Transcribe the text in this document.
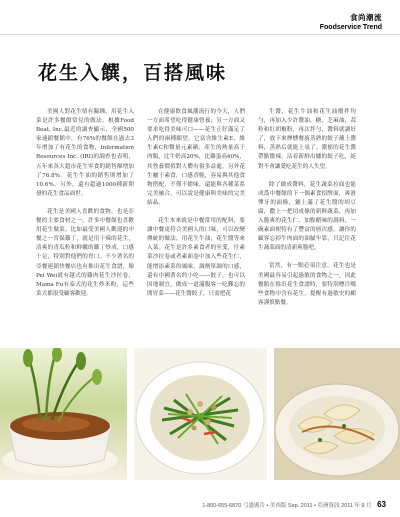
食尚潮流
Foodservice Trend
花生入饌，百搭風味

美國人對花生情有獨鍾，用花生入菜是許多餐館常見的做法。根據Food Beat, Inc.最近的調查顯示，全國500家連鎖餐館中，有76%的餐館在過去3年增加了有花生的食物，Information Resources Inc. (IRI)的調查也表明，五年來各大超市花生零食的銷售額增加了76.8%。花生牛油的銷售則增加了10.6%。另外，還有超過1000種新開發的花生食品面世。

花生是美國人喜歡的食物，也是亞餐的主要食材之一，許多中餐館也喜歡用花生做菜。比如最受美國人歡迎的中餐之一宮保雞丁，就是用干辣的花生，清爽的青瓜粒和鮮嫩的雞丁炒成，口感十足，特別對他們的胃口。不少著名的亞餐連鎖快餐店也有推出花生食譜，像Pei Wei就有越式的雞肉花生沙拉卷，Mama Fu有泰式的花生炒米粉，這些菜式都很受顧客歡迎。

在健康飲食風潮流行的今天，人們一方面希望吃得健康營養；另一方面又要求吃得美味可口——花生正好滿足了人們的兩種願望。它富含維生素E，維生素C和微量元素硒，產生的熱量高于肉類，比牛奶高20%，比雞蛋高40%，其營養價值對人體有很多益處。另外花生屬于素食，口感香脆，容易與其他食物搭配，不僅不搶味，還能與各種菜系完美融合，可以說是健康與美味的完美結晶。

花生本來就是中餐常用的配料，要讓中餐更符合美國人的口味，可以改變傳統的做法，用花生牛油，花生醬等來入菜。花生是許多素食者的至愛，往素菜沙拉卷或者素面卷中加入些花生仁，能增添素菜的風味，調劑單調的口感，還有中國著名的小吃——餃子，也可以因地制宜，做成一道滿腹客一吃難忘的開胃菜——花生醬餃子，只需把花

生醬，花生牛油和花生油攪拌均勻，再加入少許醬油，糖，芝麻油，蒜粒和紅胡椒粉，再次拌勻，醬料就調好了，放下來煙燻餐廚蒸熟的餃子蘸上醬料，蒸熟后就能上桌了。濃郁的花生醬帶點微辣，沾着新鮮出爐的餃子吃，絕對不會讓愛吃花生的人失望。

除了做成醬料，花生蔬菜拉面也能成爲中餐館的下一個素食招牌面，爽滑彈牙的面條，鋪上滿了花生醬的胡豆腐，撒上一把切成條的新鮮蔬菜，再加入脆爽的花生仁，加點醋味的調料，一碗素面便特有了豐富的層次感。讓你的顧客忘掉牛肉面的油膩牢靠，只記住花生蔬菜面的清新爽脆吧。

當然，有一點必須注意，花生也是美國最容易引起過敏的食物之一，因此餐館在推出花生食譜時，要特別標注哪些食物中含有花生，提醒有過敏史的顧客謹慎點餐。

1-800-655-6870 弓盛廣告 • 美西版 Sep. 2011 • 亞洲資訊 2011 年 9 月 63
